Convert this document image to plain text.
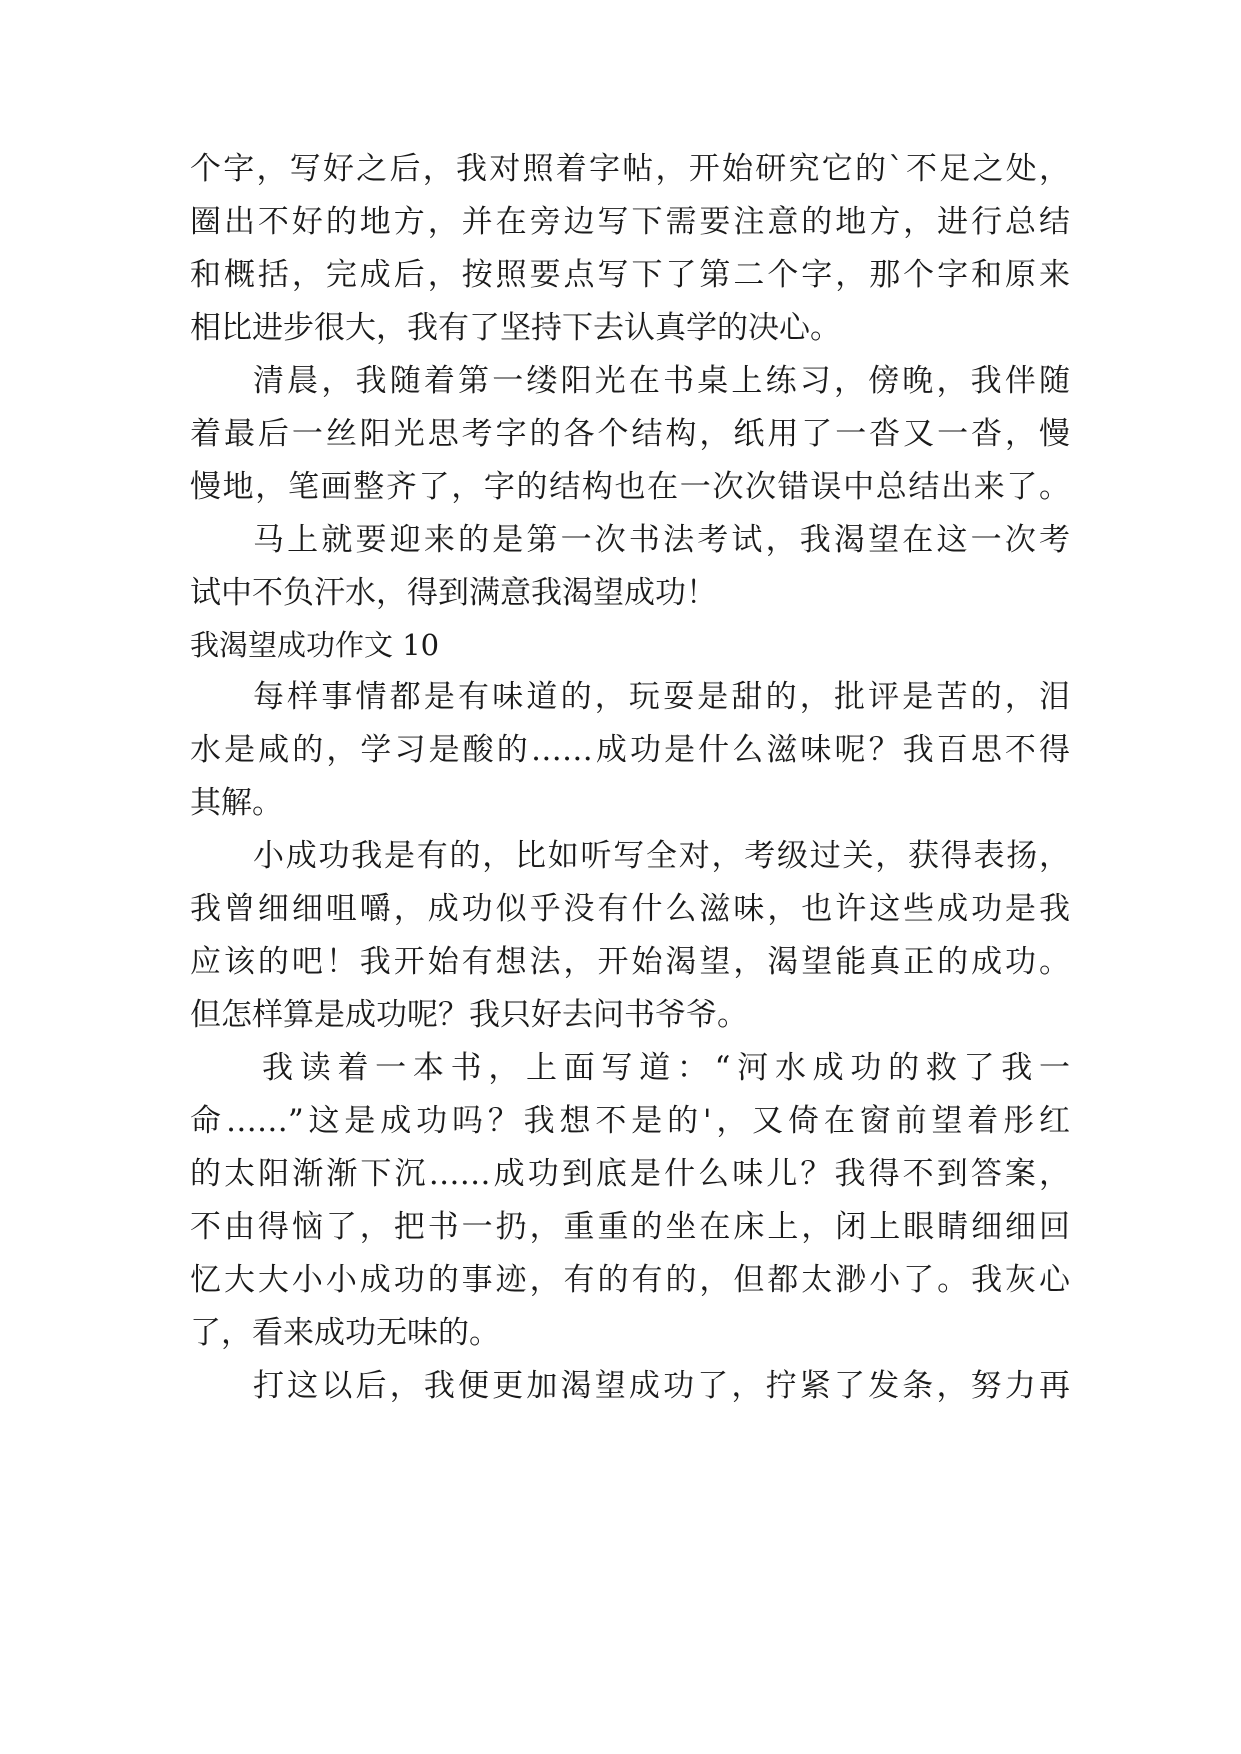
个字，写好之后，我对照着字帖，开始研究它的`不足之处，
圈出不好的地方，并在旁边写下需要注意的地方，进行总结
和概括，完成后，按照要点写下了第二个字，那个字和原来
相比进步很大，我有了坚持下去认真学的决心。
清晨，我随着第一缕阳光在书桌上练习，傍晚，我伴随
着最后一丝阳光思考字的各个结构，纸用了一沓又一沓，慢
慢地，笔画整齐了，字的结构也在一次次错误中总结出来了。
马上就要迎来的是第一次书法考试，我渴望在这一次考
试中不负汗水，得到满意我渴望成功！
我渴望成功作文 10
每样事情都是有味道的，玩耍是甜的，批评是苦的，泪
水是咸的，学习是酸的……成功是什么滋味呢？我百思不得
其解。
小成功我是有的，比如听写全对，考级过关，获得表扬，
我曾细细咀嚼，成功似乎没有什么滋味，也许这些成功是我
应该的吧！我开始有想法，开始渴望，渴望能真正的成功。
但怎样算是成功呢？我只好去问书爷爷。
我读着一本书，上面写道：“河水成功的救了我一
命……”这是成功吗？我想不是的'，又倚在窗前望着彤红
的太阳渐渐下沉……成功到底是什么味儿？我得不到答案，
不由得恼了，把书一扔，重重的坐在床上，闭上眼睛细细回
忆大大小小成功的事迹，有的有的，但都太渺小了。我灰心
了，看来成功无味的。
打这以后，我便更加渴望成功了，拧紧了发条，努力再
